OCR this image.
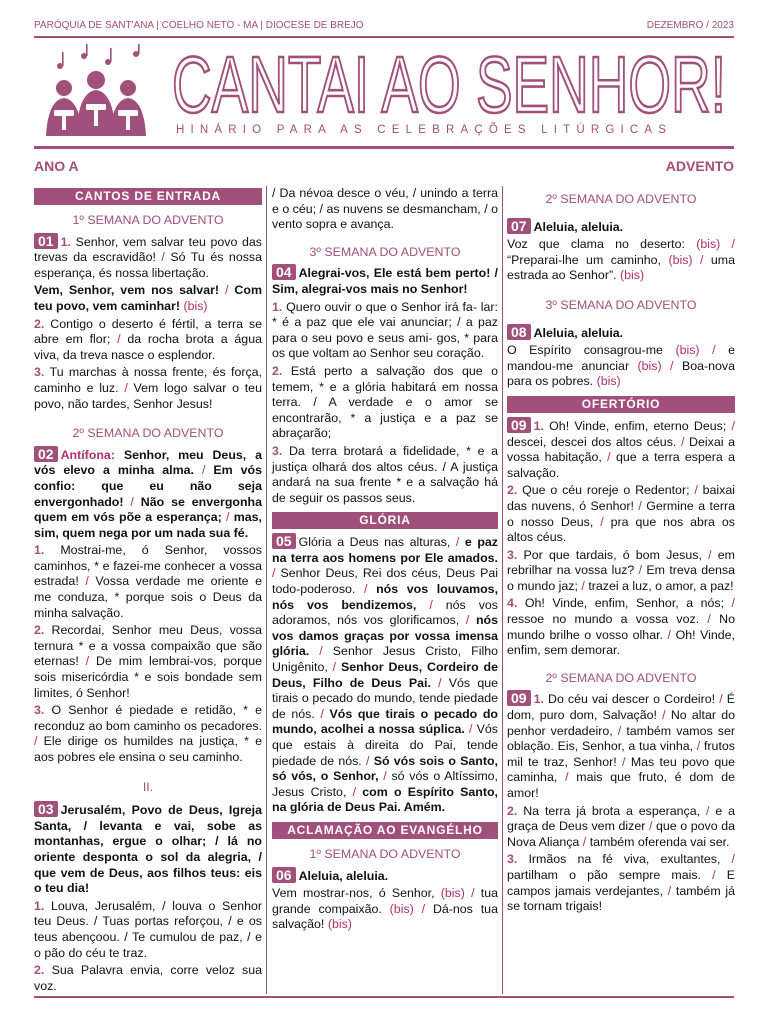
PARÓQUIA DE SANT'ANA | COELHO NETO - MA | DIOCESE DE BREJO	DEZEMBRO / 2023
CANTAI AO SENHOR!
HINÁRIO PARA AS CELEBRAÇÕES LITÚRGICAS
ANO A	ADVENTO
CANTOS DE ENTRADA
1º SEMANA DO ADVENTO

01 1. Senhor, vem salvar teu povo das trevas da escravidão! / Só Tu és nossa esperança, és nossa libertação.

Vem, Senhor, vem nos salvar! / Com teu povo, vem caminhar! (bis)

2. Contigo o deserto é fértil, a terra se abre em flor; / da rocha brota a água viva, da treva nasce o esplendor.

3. Tu marchas à nossa frente, és força, caminho e luz. / Vem logo salvar o teu povo, não tardes, Senhor Jesus!

2º SEMANA DO ADVENTO

02 Antífona: Senhor, meu Deus, a vós elevo a minha alma. / Em vós confio: que eu não seja envergonhado! / Não se envergonha quem em vós põe a esperança; / mas, sim, quem nega por um nada sua fé.

1. Mostrai-me, ó Senhor, vossos caminhos, * e fazei-me conhecer a vossa estrada! / Vossa verdade me oriente e me conduza, * porque sois o Deus da minha salvação.

2. Recordai, Senhor meu Deus, vossa ternura * e a vossa compaixão que são eternas! / De mim lembrai-vos, porque sois misericórdia * e sois bondade sem limites, ó Senhor!

3. O Senhor é piedade e retidão, * e reconduz ao bom caminho os pecadores. / Ele dirige os humildes na justiça, * e aos pobres ele ensina o seu caminho.

II.

03 Jerusalém, Povo de Deus, Igreja Santa, / levanta e vai, sobe as montanhas, ergue o olhar; / lá no oriente desponta o sol da alegria, / que vem de Deus, aos filhos teus: eis o teu dia!

1. Louva, Jerusalém, / louva o Senhor teu Deus. / Tuas portas reforçou, / e os teus abençoou. / Te cumulou de paz, / e o pão do céu te traz.

2. Sua Palavra envia, corre veloz sua voz.

/ Da névoa desce o véu, / unindo a terra e o céu; / as nuvens se desmancham, / o vento sopra e avança.

3º SEMANA DO ADVENTO

04 Alegrai-vos, Ele está bem perto! / Sim, alegrai-vos mais no Senhor!

1. Quero ouvir o que o Senhor irá fa- lar: * é a paz que ele vai anunciar; / a paz para o seu povo e seus ami- gos, * para os que voltam ao Senhor seu coração.

2. Está perto a salvação dos que o temem, * e a glória habitará em nossa terra. / A verdade e o amor se encontrarão, * a justiça e a paz se abraçarão;

3. Da terra brotará a fidelidade, * e a justiça olhará dos altos céus. / A justiça andará na sua frente * e a salvação há de seguir os passos seus.

GLÓRIA

05 Glória a Deus nas alturas, / e paz na terra aos homens por Ele amados. / Senhor Deus, Rei dos céus, Deus Pai todo-poderoso. / nós vos louvamos, nós vos bendizemos, / nós vos adoramos, nós vos glorificamos, / nós vos damos graças por vossa imensa glória. / Senhor Jesus Cristo, Filho Unigênito, / Senhor Deus, Cordeiro de Deus, Filho de Deus Pai. / Vós que tirais o pecado do mundo, tende piedade de nós. / Vós que tirais o pecado do mundo, acolhei a nossa súplica. / Vós que estais à direita do Pai, tende piedade de nós. / Só vós sois o Santo, só vós, o Senhor, / só vós o Altíssimo, Jesus Cristo, / com o Espírito Santo, na glória de Deus Pai. Amém.

ACLAMAÇÃO AO EVANGÉLHO
1º SEMANA DO ADVENTO

06 Aleluia, aleluia.

Vem mostrar-nos, ó Senhor, (bis) / tua grande compaixão. (bis) / Dá-nos tua salvação! (bis)

2º SEMANA DO ADVENTO

07 Aleluia, aleluia.

Voz que clama no deserto: (bis) / “Preparai-lhe um caminho, (bis) / uma estrada ao Senhor”. (bis)

3º SEMANA DO ADVENTO

08 Aleluia, aleluia.

O Espírito consagrou-me (bis) / e mandou-me anunciar (bis) / Boa-nova para os pobres. (bis)

OFERTÓRIO

09 1. Oh! Vinde, enfim, eterno Deus; / descei, descei dos altos céus. / Deixai a vossa habitação, / que a terra espera a salvação.

2. Que o céu roreje o Redentor; / baixai das nuvens, ó Senhor! / Germine a terra o nosso Deus, / pra que nos abra os altos céus.

3. Por que tardais, ó bom Jesus, / em rebrilhar na vossa luz? / Em treva densa o mundo jaz; / trazei a luz, o amor, a paz!

4. Oh! Vinde, enfim, Senhor, a nós; / ressoe no mundo a vossa voz. / No mundo brilhe o vosso olhar. / Oh! Vinde, enfim, sem demorar.

2º SEMANA DO ADVENTO

09 1. Do céu vai descer o Cordeiro! / É dom, puro dom, Salvação! / No altar do penhor verdadeiro, / também vamos ser oblação. Eis, Senhor, a tua vinha, / frutos mil te traz, Senhor! / Mas teu povo que caminha, / mais que fruto, é dom de amor!

2. Na terra já brota a esperança, / e a graça de Deus vem dizer / que o povo da Nova Aliança / também oferenda vai ser.

3. Irmãos na fé viva, exultantes, / partilham o pão sempre mais. / E campos jamais verdejantes, / também já se tornam trigais!
